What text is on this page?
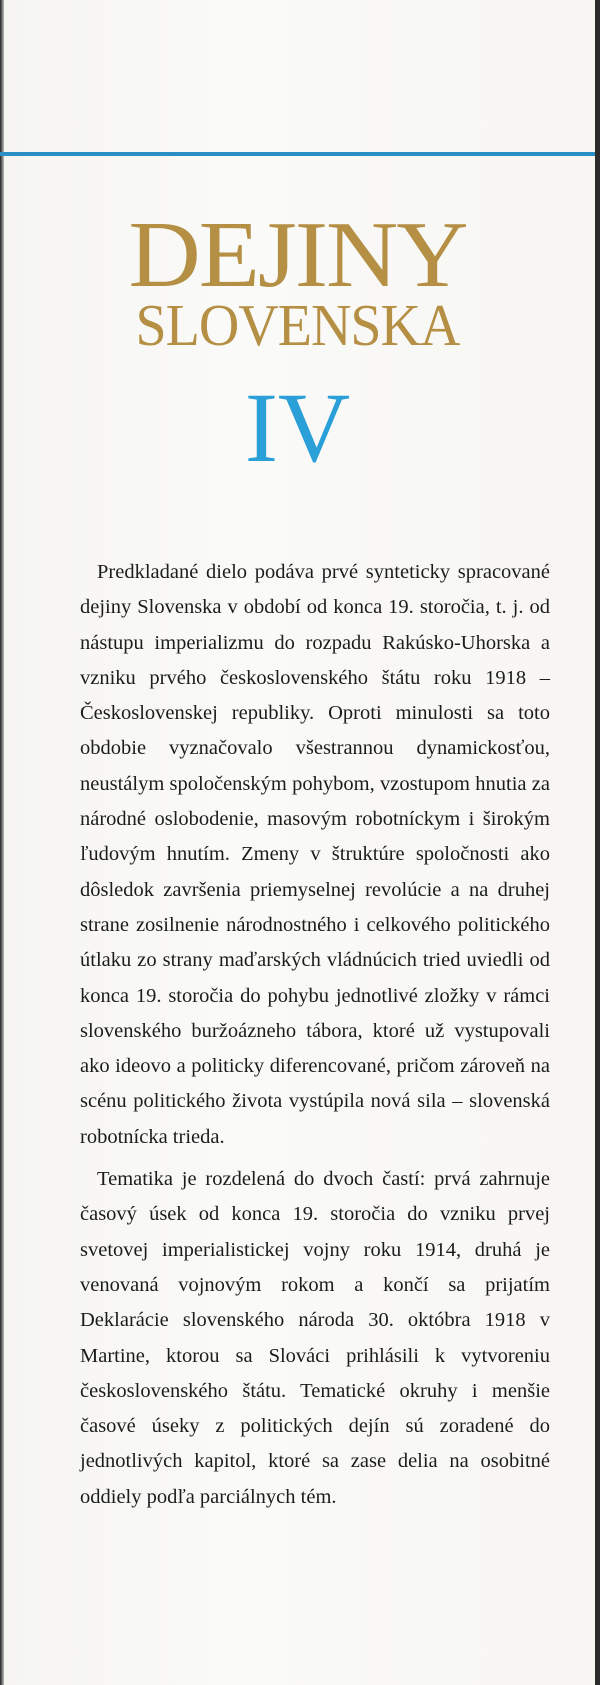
DEJINY
SLOVENSKA
IV

Predkladané dielo podáva prvé synteticky spracované dejiny Slovenska v období od konca 19. storočia, t. j. od nástupu imperializmu do rozpadu Rakúsko-Uhorska a vzniku prvého československého štátu roku 1918 – Československej republiky. Oproti minulosti sa toto obdobie vyznačovalo všestrannou dynamickosťou, neustálym spoločenským pohybom, vzostupom hnutia za národné oslobodenie, masovým robotníckym i širokým ľudovým hnutím. Zmeny v štruktúre spoločnosti ako dôsledok završenia priemyselnej revolúcie a na druhej strane zosilnenie národnostného i celkového politického útlaku zo strany maďarských vládnúcich tried uviedli od konca 19. storočia do pohybu jednotlivé zložky v rámci slovenského buržoázneho tábora, ktoré už vystupovali ako ideovo a politicky diferencované, pričom zároveň na scénu politického života vystúpila nová sila – slovenská robotnícka trieda.

Tematika je rozdelená do dvoch častí: prvá zahrnuje časový úsek od konca 19. storočia do vzniku prvej svetovej imperialistickej vojny roku 1914, druhá je venovaná vojnovým rokom a končí sa prijatím Deklarácie slovenského národa 30. októbra 1918 v Martine, ktorou sa Slováci prihlásili k vytvoreniu československého štátu. Tematické okruhy i menšie časové úseky z politických dejín sú zoradené do jednotlivých kapitol, ktoré sa zase delia na osobitné oddiely podľa parciálnych tém.
